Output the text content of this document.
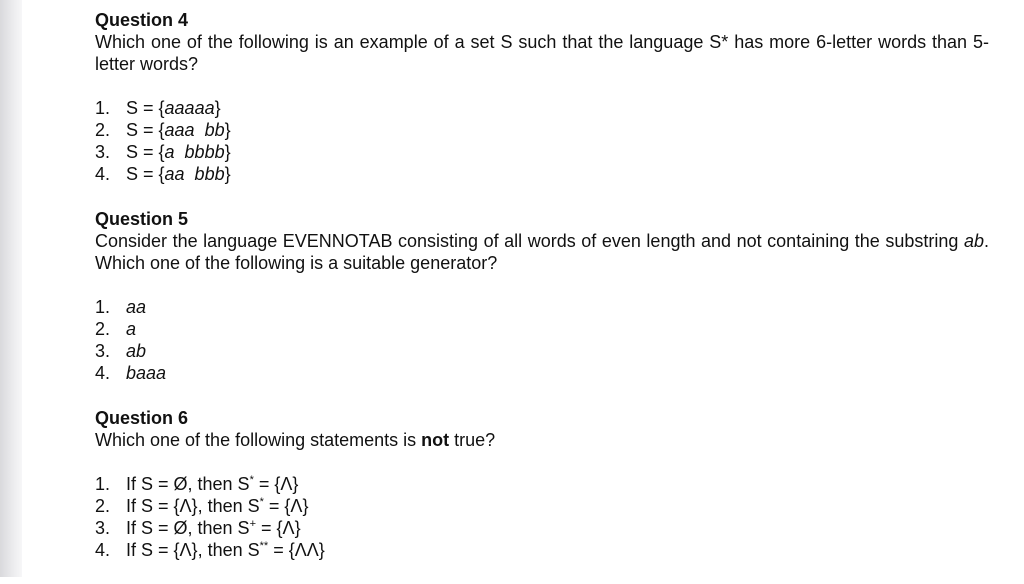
Question 4

Which one of the following is an example of a set S such that the language S* has more 6-letter words than 5-letter words?

1. S = {aaaaa}
2. S = {aaa  bb}
3. S = {a  bbbb}
4. S = {aa  bbb}

Question 5

Consider the language EVENNOTAB consisting of all words of even length and not containing the substring ab. Which one of the following is a suitable generator?

1. aa
2. a
3. ab
4. baaa

Question 6

Which one of the following statements is not true?

1. If S = Ø, then S* = {Λ}
2. If S = {Λ}, then S* = {Λ}
3. If S = Ø, then S+ = {Λ}
4. If S = {Λ}, then S** = {ΛΛ}
